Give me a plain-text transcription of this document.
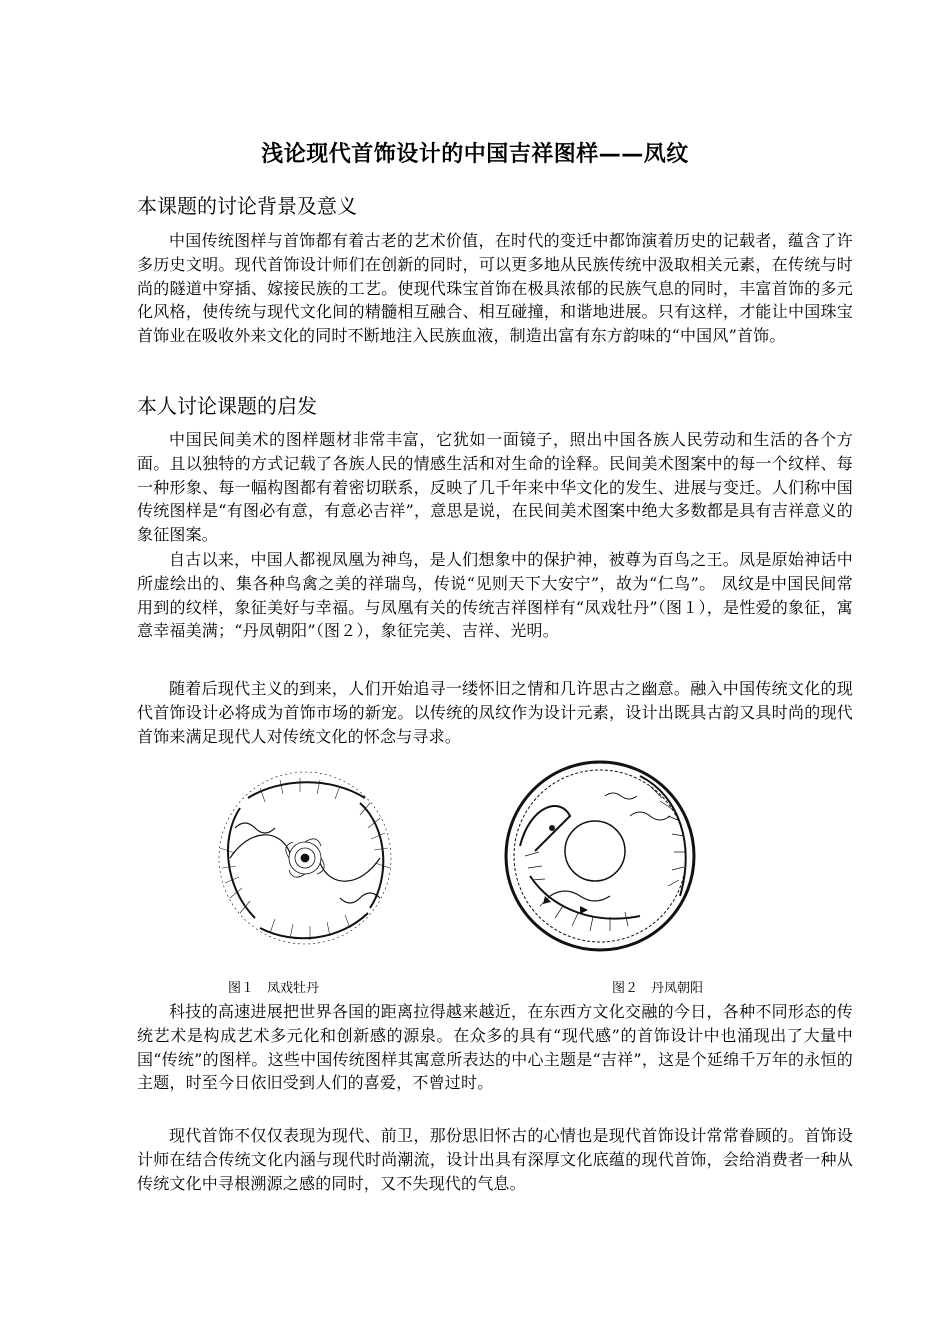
浅论现代首饰设计的中国吉祥图样——凤纹
本课题的讨论背景及意义

中国传统图样与首饰都有着古老的艺术价值，在时代的变迁中都饰演着历史的记载者，蕴含了许多历史文明。现代首饰设计师们在创新的同时，可以更多地从民族传统中汲取相关元素，在传统与时尚的隧道中穿插、嫁接民族的工艺。使现代珠宝首饰在极具浓郁的民族气息的同时，丰富首饰的多元化风格，使传统与现代文化间的精髓相互融合、相互碰撞，和谐地进展。只有这样，才能让中国珠宝首饰业在吸收外来文化的同时不断地注入民族血液，制造出富有东方韵味的“中国风”首饰。

本人讨论课题的启发

中国民间美术的图样题材非常丰富，它犹如一面镜子，照出中国各族人民劳动和生活的各个方面。且以独特的方式记载了各族人民的情感生活和对生命的诠释。民间美术图案中的每一个纹样、每一种形象、每一幅构图都有着密切联系，反映了几千年来中华文化的发生、进展与变迁。人们称中国传统图样是“有图必有意，有意必吉祥”，意思是说，在民间美术图案中绝大多数都是具有吉祥意义的象征图案。

自古以来，中国人都视凤凰为神鸟，是人们想象中的保护神，被尊为百鸟之王。凤是原始神话中所虚绘出的、集各种鸟禽之美的祥瑞鸟，传说“见则天下大安宁”，故为“仁鸟”。 凤纹是中国民间常用到的纹样，象征美好与幸福。与凤凰有关的传统吉祥图样有“凤戏牡丹”（图１），是性爱的象征，寓意幸福美满；“丹凤朝阳”（图２），象征完美、吉祥、光明。

随着后现代主义的到来，人们开始追寻一缕怀旧之情和几许思古之幽意。融入中国传统文化的现代首饰设计必将成为首饰市场的新宠。以传统的凤纹作为设计元素，设计出既具古韵又具时尚的现代首饰来满足现代人对传统文化的怀念与寻求。

图１　凤戏牡丹	图２　丹凤朝阳

科技的高速进展把世界各国的距离拉得越来越近，在东西方文化交融的今日，各种不同形态的传统艺术是构成艺术多元化和创新感的源泉。在众多的具有“现代感”的首饰设计中也涌现出了大量中国“传统”的图样。这些中国传统图样其寓意所表达的中心主题是“吉祥”，这是个延绵千万年的永恒的主题，时至今日依旧受到人们的喜爱，不曾过时。

现代首饰不仅仅表现为现代、前卫，那份思旧怀古的心情也是现代首饰设计常常眷顾的。首饰设计师在结合传统文化内涵与现代时尚潮流，设计出具有深厚文化底蕴的现代首饰，会给消费者一种从传统文化中寻根溯源之感的同时，又不失现代的气息。
